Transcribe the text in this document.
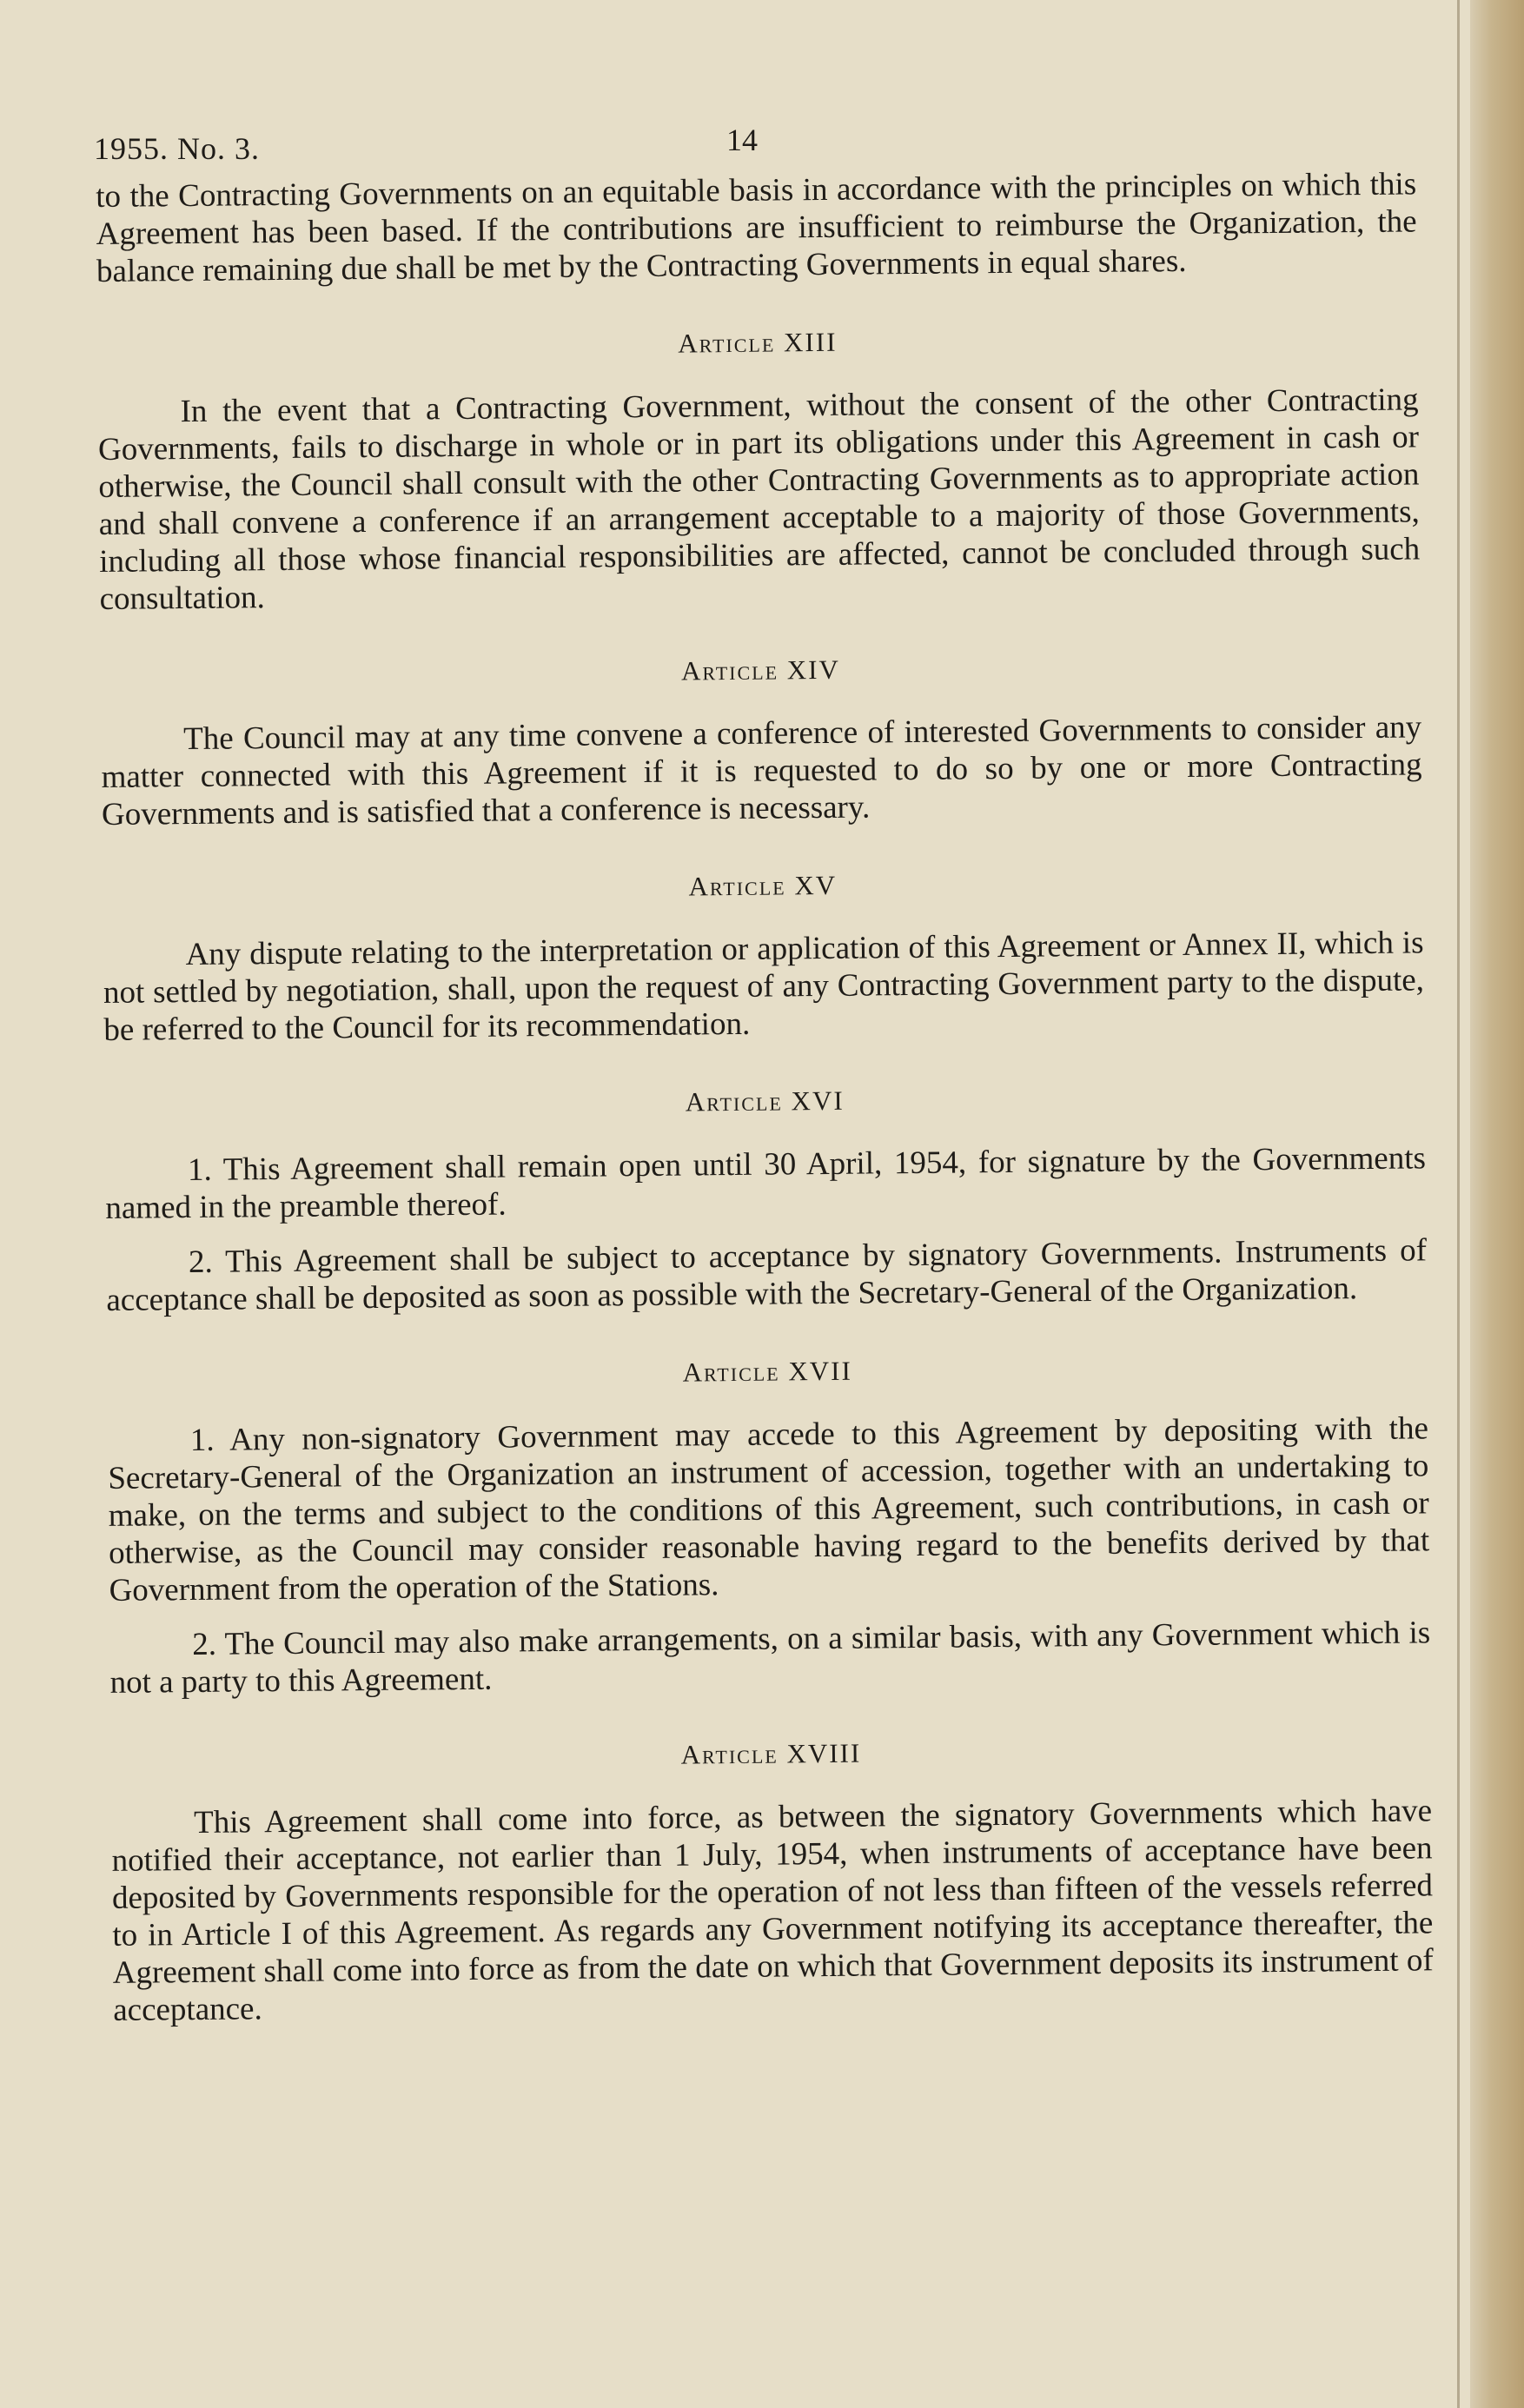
1955. No. 3.	14

to the Contracting Governments on an equitable basis in accordance with the principles on which this Agreement has been based. If the contributions are insufficient to reimburse the Organization, the balance remaining due shall be met by the Contracting Governments in equal shares.

Article XIII

In the event that a Contracting Government, without the consent of the other Contracting Governments, fails to discharge in whole or in part its obligations under this Agreement in cash or otherwise, the Council shall consult with the other Contracting Governments as to appropriate action and shall convene a conference if an arrangement acceptable to a majority of those Governments, including all those whose financial responsibilities are affected, cannot be concluded through such consultation.

Article XIV

The Council may at any time convene a conference of interested Governments to consider any matter connected with this Agreement if it is requested to do so by one or more Contracting Governments and is satisfied that a conference is necessary.

Article XV

Any dispute relating to the interpretation or application of this Agreement or Annex II, which is not settled by negotiation, shall, upon the request of any Contracting Government party to the dispute, be referred to the Council for its recommendation.

Article XVI

1. This Agreement shall remain open until 30 April, 1954, for signature by the Governments named in the preamble thereof.

2. This Agreement shall be subject to acceptance by signatory Governments. Instruments of acceptance shall be deposited as soon as possible with the Secretary-General of the Organization.

Article XVII

1. Any non-signatory Government may accede to this Agreement by depositing with the Secretary-General of the Organization an instrument of accession, together with an undertaking to make, on the terms and subject to the conditions of this Agreement, such contributions, in cash or otherwise, as the Council may consider reasonable having regard to the benefits derived by that Government from the operation of the Stations.

2. The Council may also make arrangements, on a similar basis, with any Government which is not a party to this Agreement.

Article XVIII

This Agreement shall come into force, as between the signatory Governments which have notified their acceptance, not earlier than 1 July, 1954, when instruments of acceptance have been deposited by Governments responsible for the operation of not less than fifteen of the vessels referred to in Article I of this Agreement. As regards any Government notifying its acceptance thereafter, the Agreement shall come into force as from the date on which that Government deposits its instrument of acceptance.
